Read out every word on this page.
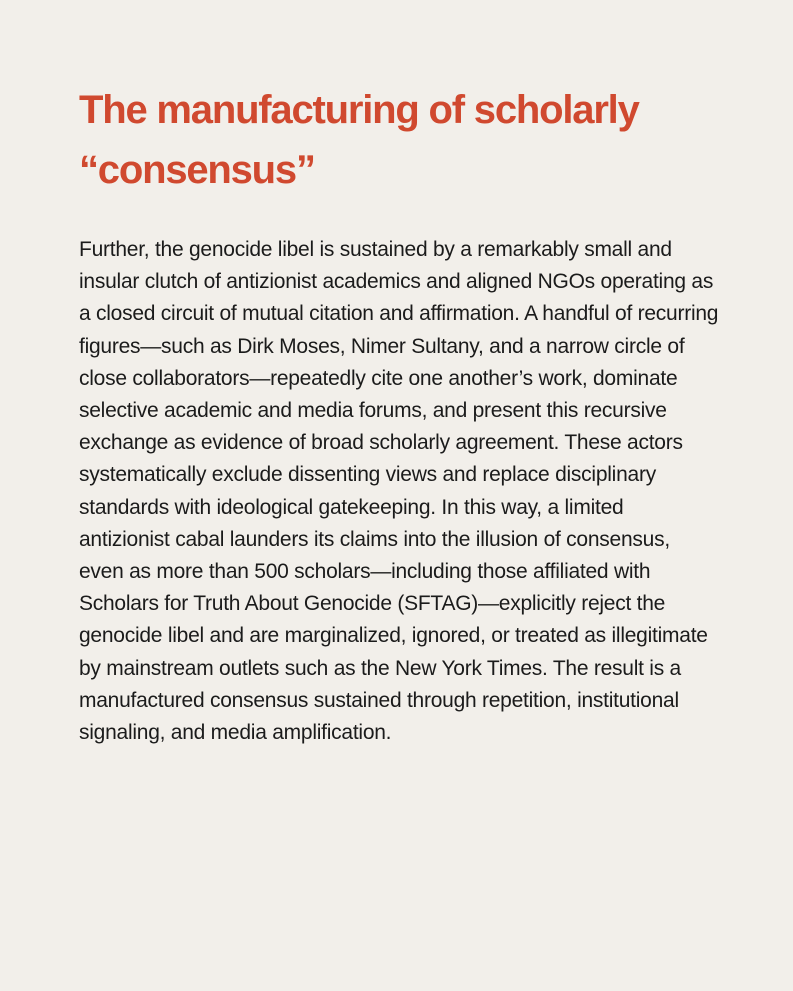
The manufacturing of scholarly “consensus”

Further, the genocide libel is sustained by a remarkably small and insular clutch of antizionist academics and aligned NGOs operating as a closed circuit of mutual citation and affirmation. A handful of recurring figures—such as Dirk Moses, Nimer Sultany, and a narrow circle of close collaborators—repeatedly cite one another’s work, dominate selective academic and media forums, and present this recursive exchange as evidence of broad scholarly agreement. These actors systematically exclude dissenting views and replace disciplinary standards with ideological gatekeeping. In this way, a limited antizionist cabal launders its claims into the illusion of consensus, even as more than 500 scholars—including those affiliated with Scholars for Truth About Genocide (SFTAG)—explicitly reject the genocide libel and are marginalized, ignored, or treated as illegitimate by mainstream outlets such as the New York Times. The result is a manufactured consensus sustained through repetition, institutional signaling, and media amplification.
